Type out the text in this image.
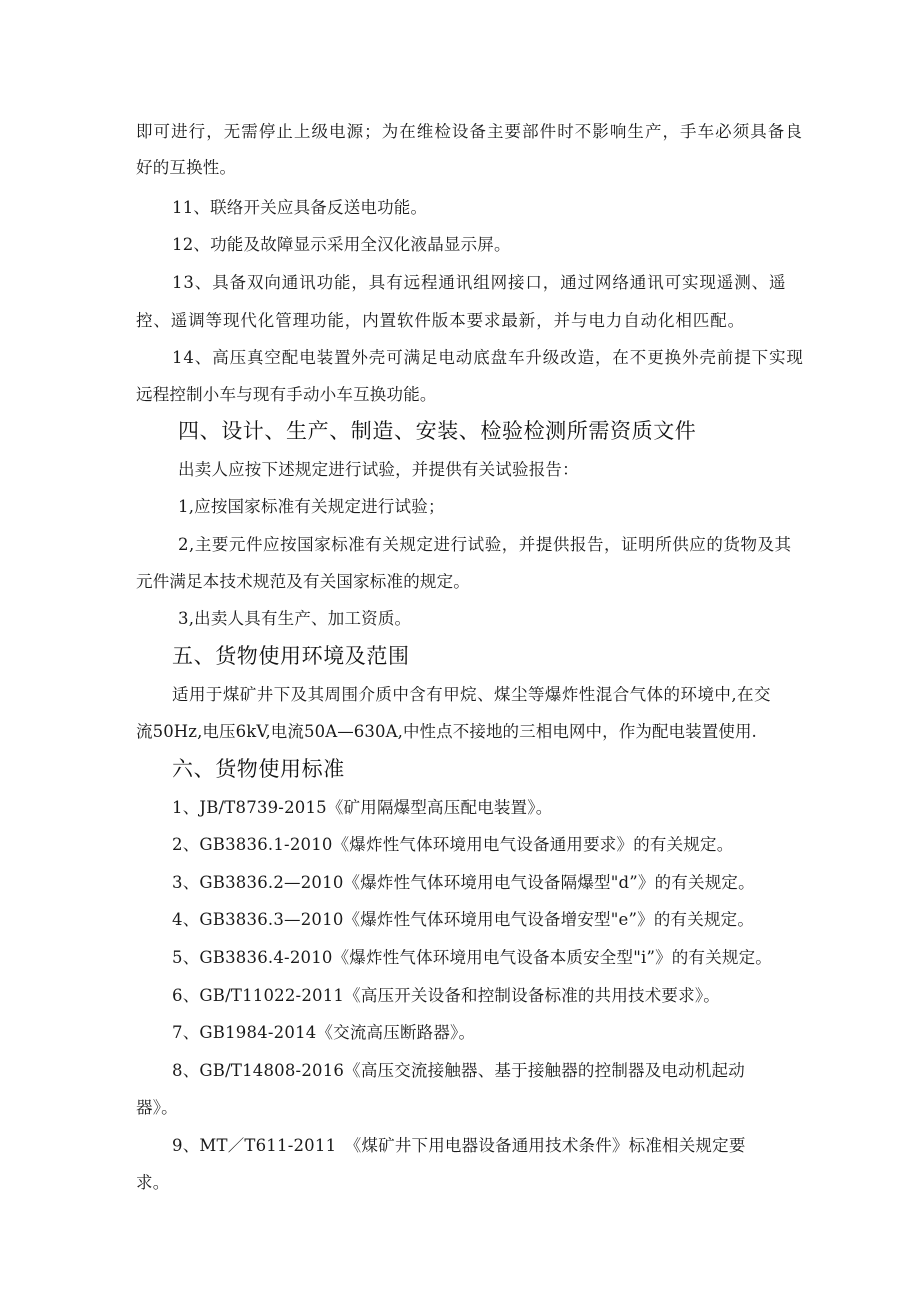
即可进行，无需停止上级电源；为在维检设备主要部件时不影响生产，手车必须具备良
好的互换性。
11、联络开关应具备反送电功能。
12、功能及故障显示采用全汉化液晶显示屏。
13、具备双向通讯功能，具有远程通讯组网接口，通过网络通讯可实现遥测、遥
控、遥调等现代化管理功能，内置软件版本要求最新，并与电力自动化相匹配。
14、高压真空配电装置外壳可满足电动底盘车升级改造，在不更换外壳前提下实现
远程控制小车与现有手动小车互换功能。
四、设计、生产、制造、安装、检验检测所需资质文件
出卖人应按下述规定进行试验，并提供有关试验报告：
1,应按国家标准有关规定进行试验；
2,主要元件应按国家标准有关规定进行试验，并提供报告，证明所供应的货物及其
元件满足本技术规范及有关国家标准的规定。
3,出卖人具有生产、加工资质。
五、货物使用环境及范围
适用于煤矿井下及其周围介质中含有甲烷、煤尘等爆炸性混合气体的环境中,在交
流50Hz,电压6kV,电流50A—630A,中性点不接地的三相电网中，作为配电装置使用.
六、货物使用标准
1、JB/T8739-2015《矿用隔爆型高压配电装置》。
2、GB3836.1-2010《爆炸性气体环境用电气设备通用要求》的有关规定。
3、GB3836.2—2010《爆炸性气体环境用电气设备隔爆型"d”》的有关规定。
4、GB3836.3—2010《爆炸性气体环境用电气设备增安型"e”》的有关规定。
5、GB3836.4-2010《爆炸性气体环境用电气设备本质安全型"i”》的有关规定。
6、GB/T11022-2011《高压开关设备和控制设备标准的共用技术要求》。
7、GB1984-2014《交流高压断路器》。
8、GB/T14808-2016《高压交流接触器、基于接触器的控制器及电动机起动
器》。
9、MT／T611-2011　《煤矿井下用电器设备通用技术条件》标准相关规定要
求。
